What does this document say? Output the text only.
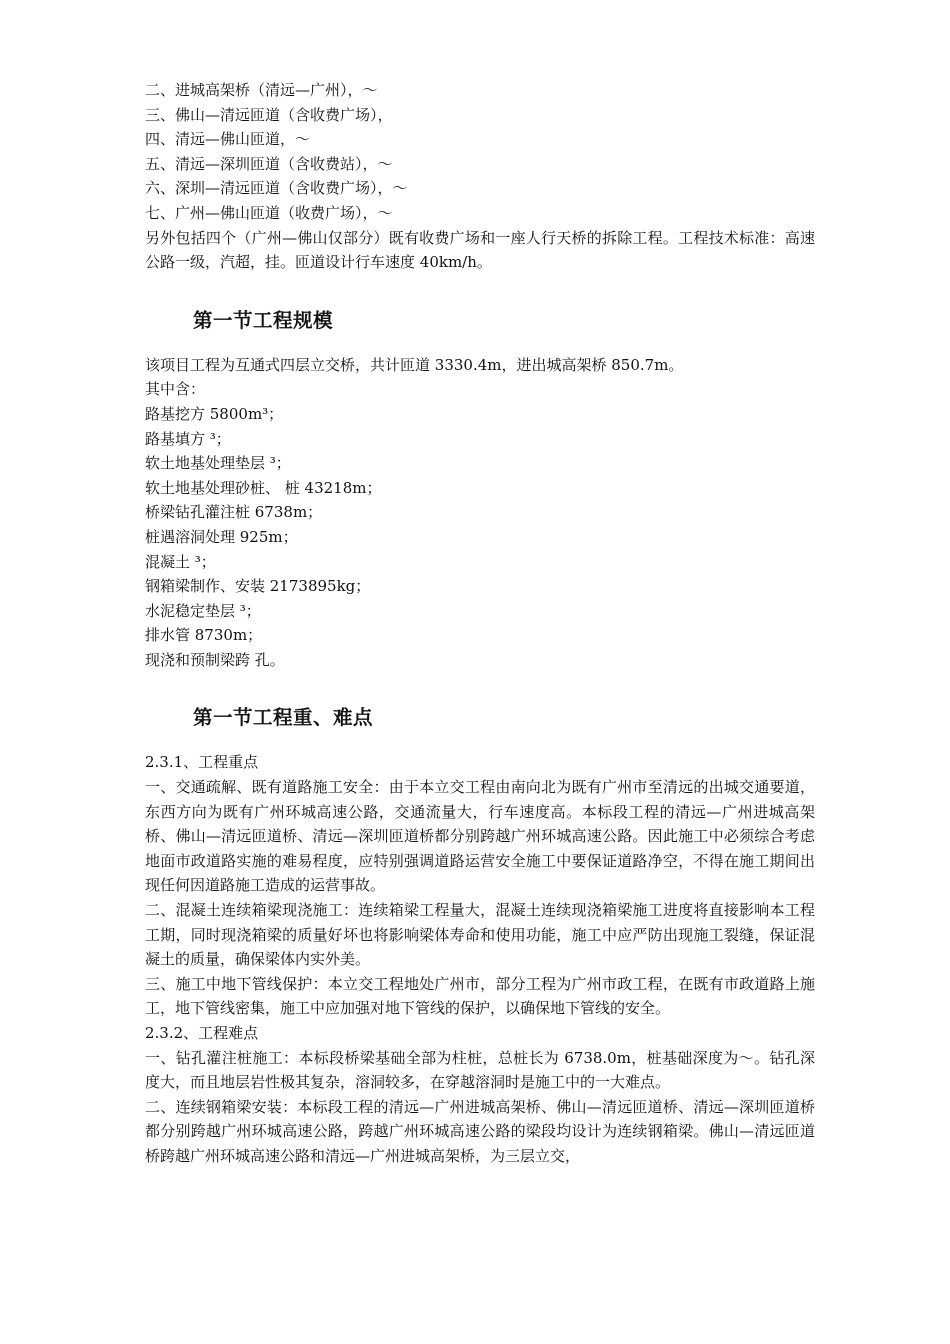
二、进城高架桥（清远—广州），～

三、佛山—清远匝道（含收费广场），

四、清远—佛山匝道，～

五、清远—深圳匝道（含收费站），～

六、深圳—清远匝道（含收费广场），～

七、广州—佛山匝道（收费广场），～

另外包括四个（广州—佛山仅部分）既有收费广场和一座人行天桥的拆除工程。工程技术标准：高速公路一级，汽超，挂。匝道设计行车速度 40km/h。

第一节工程规模

该项目工程为互通式四层立交桥，共计匝道 3330.4m，进出城高架桥 850.7m。

其中含：

路基挖方 5800m³；

路基填方 ³；

软土地基处理垫层 ³；

软土地基处理砂桩、 桩 43218m；

桥梁钻孔灌注桩 6738m；

桩遇溶洞处理 925m；

混凝土 ³；

钢箱梁制作、安装 2173895kg；

水泥稳定垫层 ³；

排水管 8730m；

现浇和预制梁跨 孔。

第一节工程重、难点

2.3.1、工程重点

一、交通疏解、既有道路施工安全：由于本立交工程由南向北为既有广州市至清远的出城交通要道，东西方向为既有广州环城高速公路，交通流量大，行车速度高。本标段工程的清远—广州进城高架桥、佛山—清远匝道桥、清远—深圳匝道桥都分别跨越广州环城高速公路。因此施工中必须综合考虑地面市政道路实施的难易程度，应特别强调道路运营安全施工中要保证道路净空，不得在施工期间出现任何因道路施工造成的运营事故。

二、混凝土连续箱梁现浇施工：连续箱梁工程量大，混凝土连续现浇箱梁施工进度将直接影响本工程工期，同时现浇箱梁的质量好坏也将影响梁体寿命和使用功能，施工中应严防出现施工裂缝，保证混凝土的质量，确保梁体内实外美。

三、施工中地下管线保护：本立交工程地处广州市，部分工程为广州市政工程，在既有市政道路上施工，地下管线密集，施工中应加强对地下管线的保护，以确保地下管线的安全。

2.3.2、工程难点

一、钻孔灌注桩施工：本标段桥梁基础全部为柱桩，总桩长为 6738.0m，桩基础深度为～。钻孔深度大，而且地层岩性极其复杂，溶洞较多，在穿越溶洞时是施工中的一大难点。

二、连续钢箱梁安装：本标段工程的清远—广州进城高架桥、佛山—清远匝道桥、清远—深圳匝道桥都分别跨越广州环城高速公路，跨越广州环城高速公路的梁段均设计为连续钢箱梁。佛山—清远匝道桥跨越广州环城高速公路和清远—广州进城高架桥，为三层立交，
